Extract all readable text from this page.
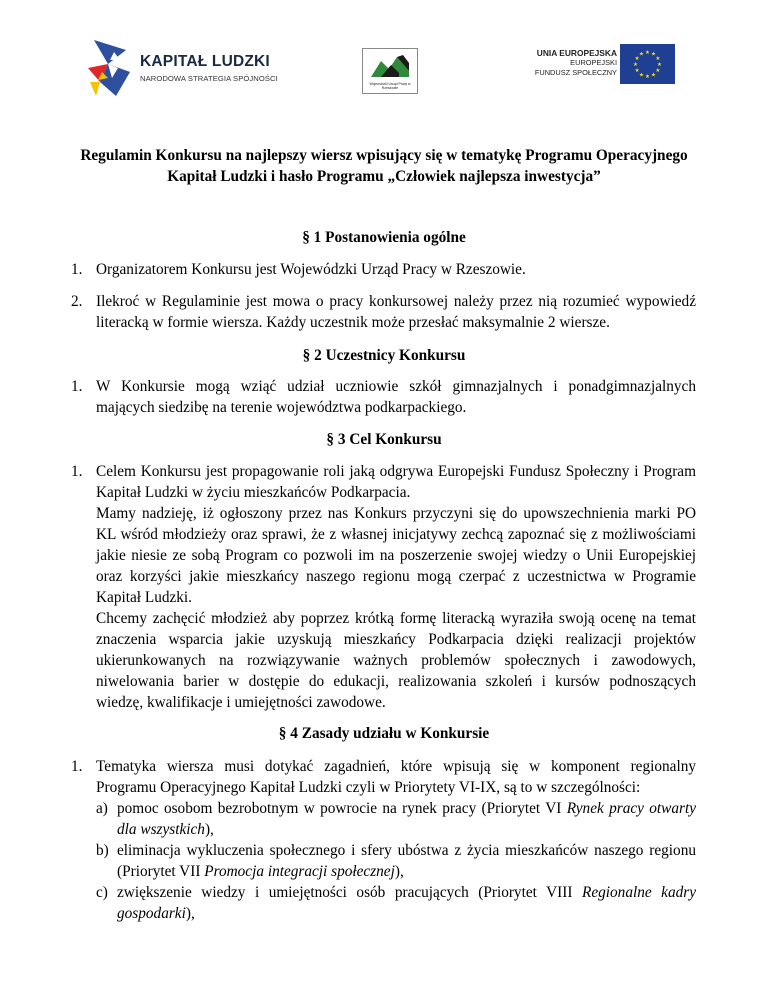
KAPITAŁ LUDZKI
NARODOWA STRATEGIA SPÓJNOŚCI
Wojewódzki Urząd Pracy w Rzeszowie
UNIA EUROPEJSKA
EUROPEJSKI
FUNDUSZ SPOŁECZNY
★ ★
★
★
★
★
★
★
★
★
★
★
Regulamin Konkursu na najlepszy wiersz wpisujący się w tematykę Programu Operacyjnego
Kapitał Ludzki i hasło Programu „Człowiek najlepsza inwestycja”
§ 1 Postanowienia ogólne
1. Organizatorem Konkursu jest Wojewódzki Urząd Pracy w Rzeszowie.
2. Ilekroć w Regulaminie jest mowa o pracy konkursowej należy przez nią rozumieć wypowiedź
literacką w formie wiersza. Każdy uczestnik może przesłać maksymalnie 2 wiersze.
§ 2 Uczestnicy Konkursu
1. W Konkursie mogą wziąć udział uczniowie szkół gimnazjalnych i ponadgimnazjalnych
mających siedzibę na terenie województwa podkarpackiego.
§ 3 Cel Konkursu
1. Celem Konkursu jest propagowanie roli jaką odgrywa Europejski Fundusz Społeczny i Program
Kapitał Ludzki w życiu mieszkańców Podkarpacia.
Mamy nadzieję, iż ogłoszony przez nas Konkurs przyczyni się do upowszechnienia marki PO
KL wśród młodzieży oraz sprawi, że z własnej inicjatywy zechcą zapoznać się z możliwościami
jakie niesie ze sobą Program co pozwoli im na poszerzenie swojej wiedzy o Unii Europejskiej
oraz korzyści jakie mieszkańcy naszego regionu mogą czerpać z uczestnictwa w Programie
Kapitał Ludzki.
Chcemy zachęcić młodzież aby poprzez krótką formę literacką wyraziła swoją ocenę na temat
znaczenia wsparcia jakie uzyskują mieszkańcy Podkarpacia dzięki realizacji projektów
ukierunkowanych na rozwiązywanie ważnych problemów społecznych i zawodowych,
niwelowania barier w dostępie do edukacji, realizowania szkoleń i kursów podnoszących
wiedzę, kwalifikacje i umiejętności zawodowe.
§ 4 Zasady udziału w Konkursie
1. Tematyka wiersza musi dotykać zagadnień, które wpisują się w komponent regionalny
Programu Operacyjnego Kapitał Ludzki czyli w Priorytety VI-IX, są to w szczególności:
a) pomoc osobom bezrobotnym w powrocie na rynek pracy (Priorytet VI Rynek pracy otwarty
dla wszystkich),
b) eliminacja wykluczenia społecznego i sfery ubóstwa z życia mieszkańców naszego regionu
(Priorytet VII Promocja integracji społecznej),
c) zwiększenie wiedzy i umiejętności osób pracujących (Priorytet VIII Regionalne kadry
gospodarki),
